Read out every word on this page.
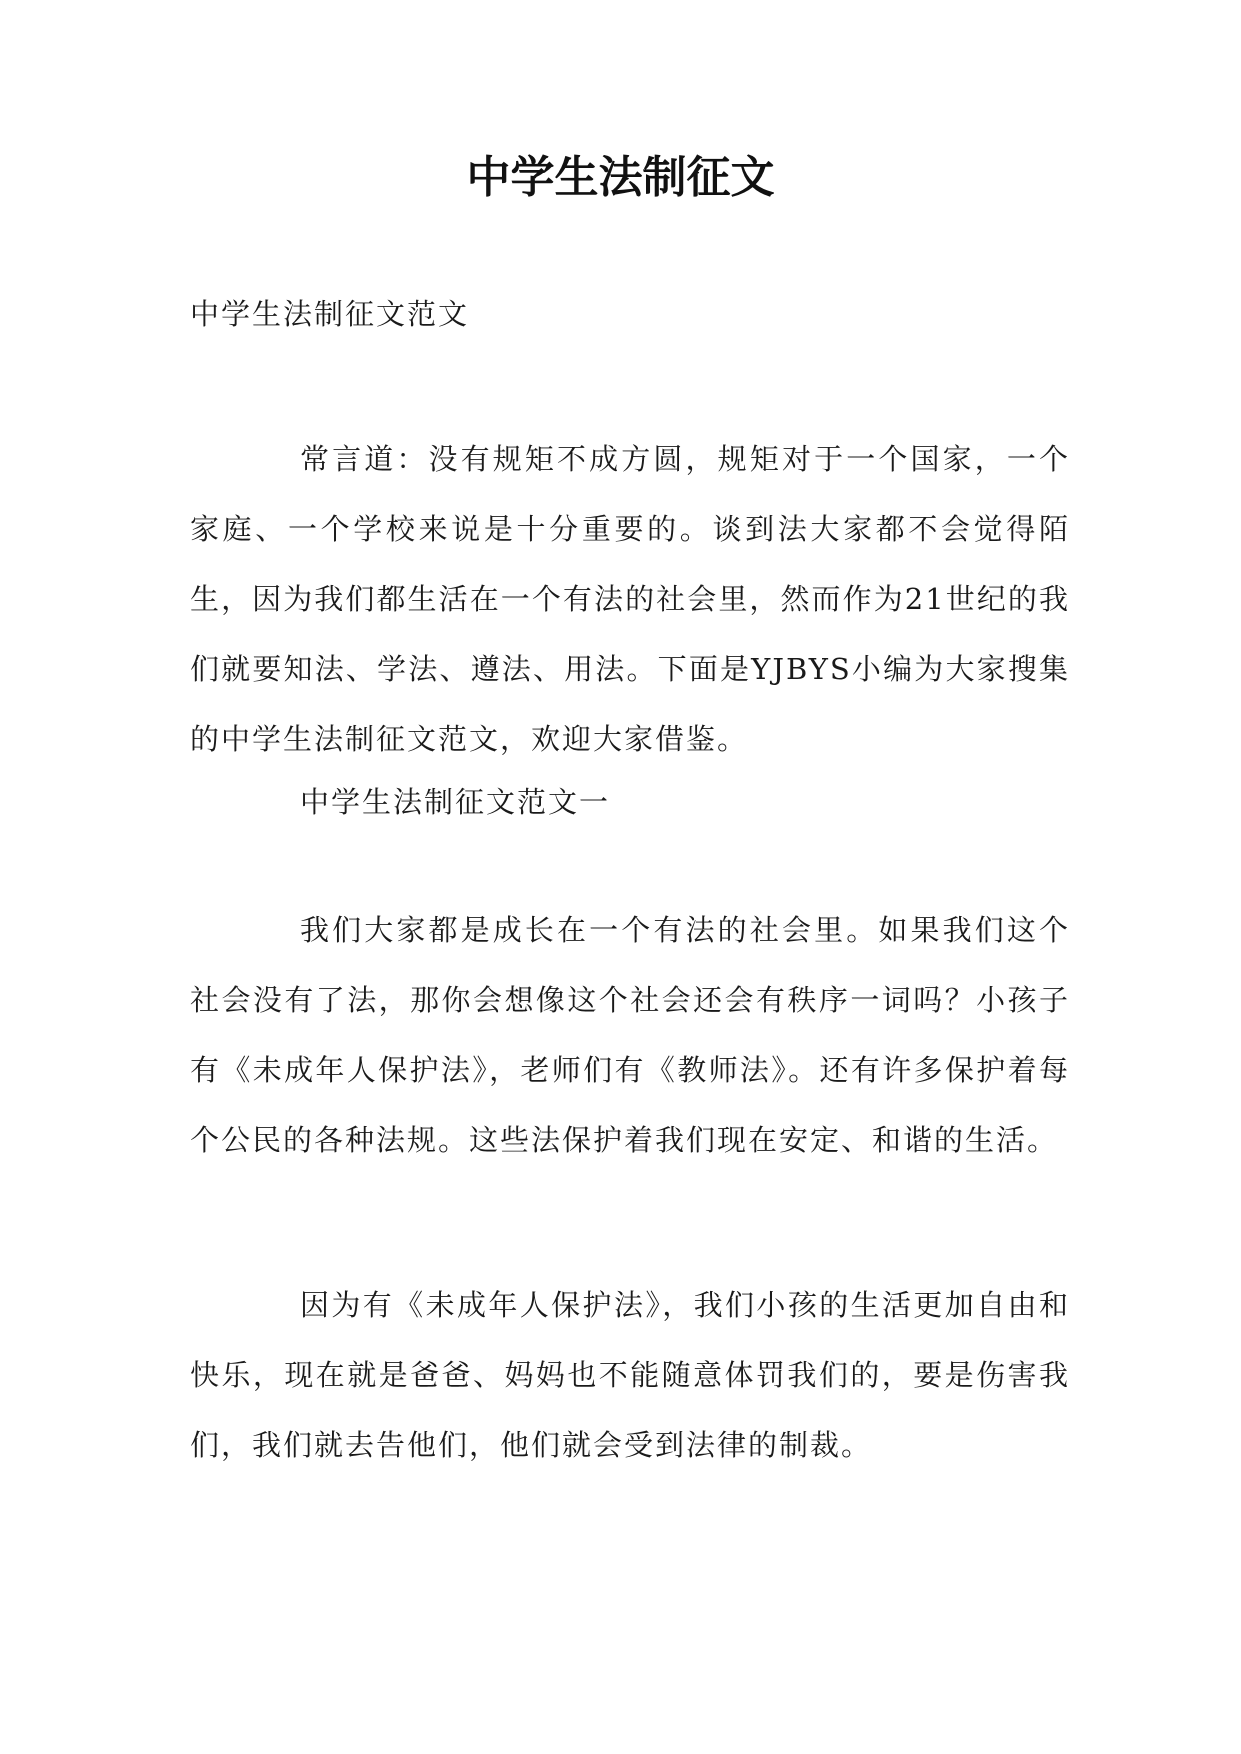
中学生法制征文
中学生法制征文范文

常言道：没有规矩不成方圆，规矩对于一个国家，一个家庭、一个学校来说是十分重要的。谈到法大家都不会觉得陌生，因为我们都生活在一个有法的社会里，然而作为21世纪的我们就要知法、学法、遵法、用法。下面是YJBYS小编为大家搜集的中学生法制征文范文，欢迎大家借鉴。

中学生法制征文范文一

我们大家都是成长在一个有法的社会里。如果我们这个社会没有了法，那你会想像这个社会还会有秩序一词吗？小孩子有《未成年人保护法》，老师们有《教师法》。还有许多保护着每个公民的各种法规。这些法保护着我们现在安定、和谐的生活。

因为有《未成年人保护法》，我们小孩的生活更加自由和快乐，现在就是爸爸、妈妈也不能随意体罚我们的，要是伤害我们，我们就去告他们，他们就会受到法律的制裁。
